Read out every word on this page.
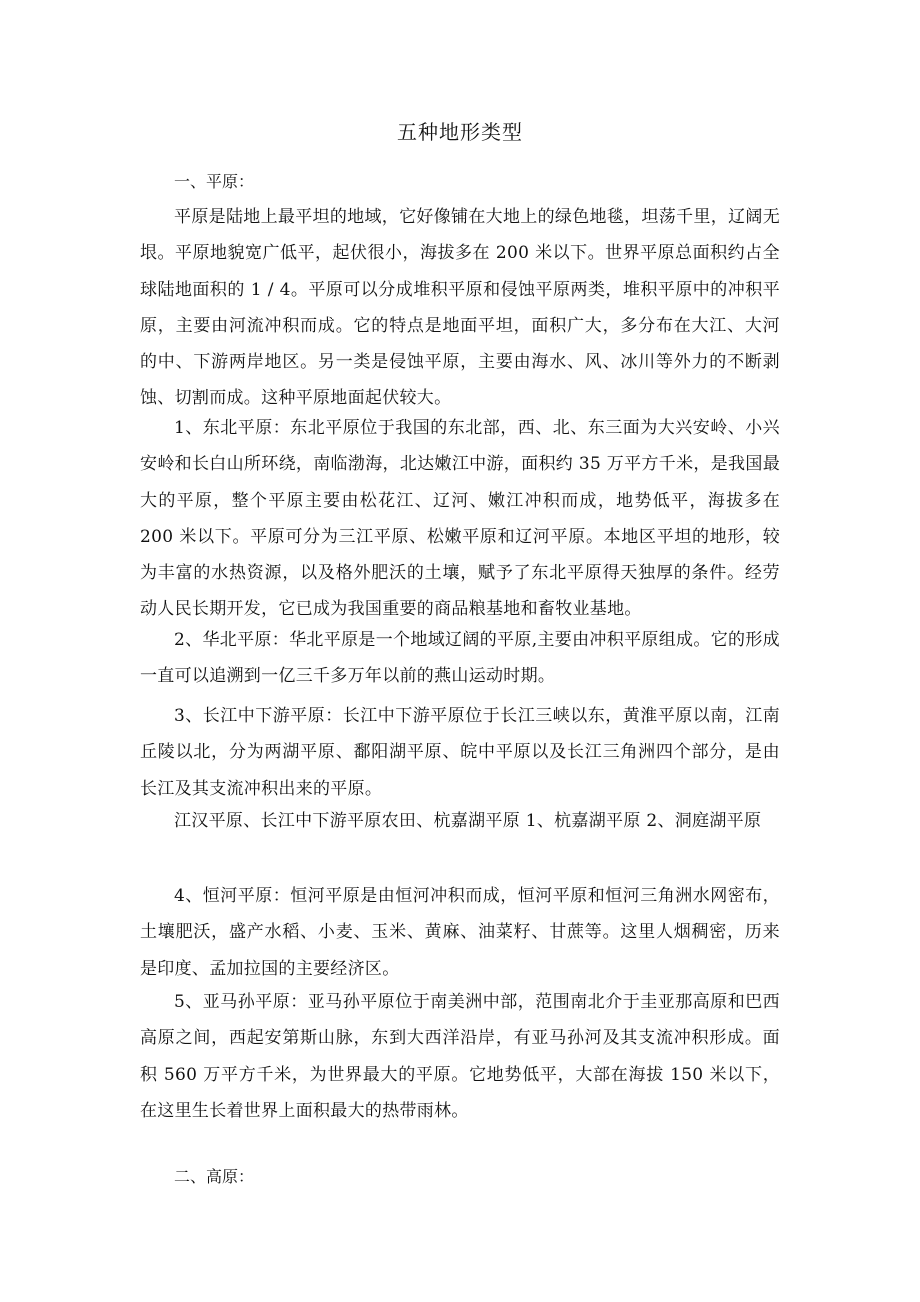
五种地形类型
一、平原：
平原是陆地上最平坦的地域，它好像铺在大地上的绿色地毯，坦荡千里，辽阔无垠。平原地貌宽广低平，起伏很小，海拔多在 200 米以下。世界平原总面积约占全球陆地面积的 1 / 4。平原可以分成堆积平原和侵蚀平原两类，堆积平原中的冲积平原，主要由河流冲积而成。它的特点是地面平坦，面积广大，多分布在大江、大河的中、下游两岸地区。另一类是侵蚀平原，主要由海水、风、冰川等外力的不断剥蚀、切割而成。这种平原地面起伏较大。
1、东北平原：东北平原位于我国的东北部，西、北、东三面为大兴安岭、小兴安岭和长白山所环绕，南临渤海，北达嫩江中游，面积约 35 万平方千米，是我国最大的平原，整个平原主要由松花江、辽河、嫩江冲积而成，地势低平，海拔多在 200 米以下。平原可分为三江平原、松嫩平原和辽河平原。本地区平坦的地形，较为丰富的水热资源，以及格外肥沃的土壤，赋予了东北平原得天独厚的条件。经劳动人民长期开发，它已成为我国重要的商品粮基地和畜牧业基地。
2、华北平原：华北平原是一个地域辽阔的平原,主要由冲积平原组成。它的形成一直可以追溯到一亿三千多万年以前的燕山运动时期。
3、长江中下游平原：长江中下游平原位于长江三峡以东，黄淮平原以南，江南丘陵以北，分为两湖平原、鄱阳湖平原、皖中平原以及长江三角洲四个部分，是由长江及其支流冲积出来的平原。
江汉平原、长江中下游平原农田、杭嘉湖平原 1、杭嘉湖平原 2、洞庭湖平原
4、恒河平原：恒河平原是由恒河冲积而成，恒河平原和恒河三角洲水网密布，土壤肥沃，盛产水稻、小麦、玉米、黄麻、油菜籽、甘蔗等。这里人烟稠密，历来是印度、孟加拉国的主要经济区。
5、亚马孙平原：亚马孙平原位于南美洲中部，范围南北介于圭亚那高原和巴西高原之间，西起安第斯山脉，东到大西洋沿岸，有亚马孙河及其支流冲积形成。面积 560 万平方千米，为世界最大的平原。它地势低平，大部在海拔 150 米以下，在这里生长着世界上面积最大的热带雨林。
二、高原：
